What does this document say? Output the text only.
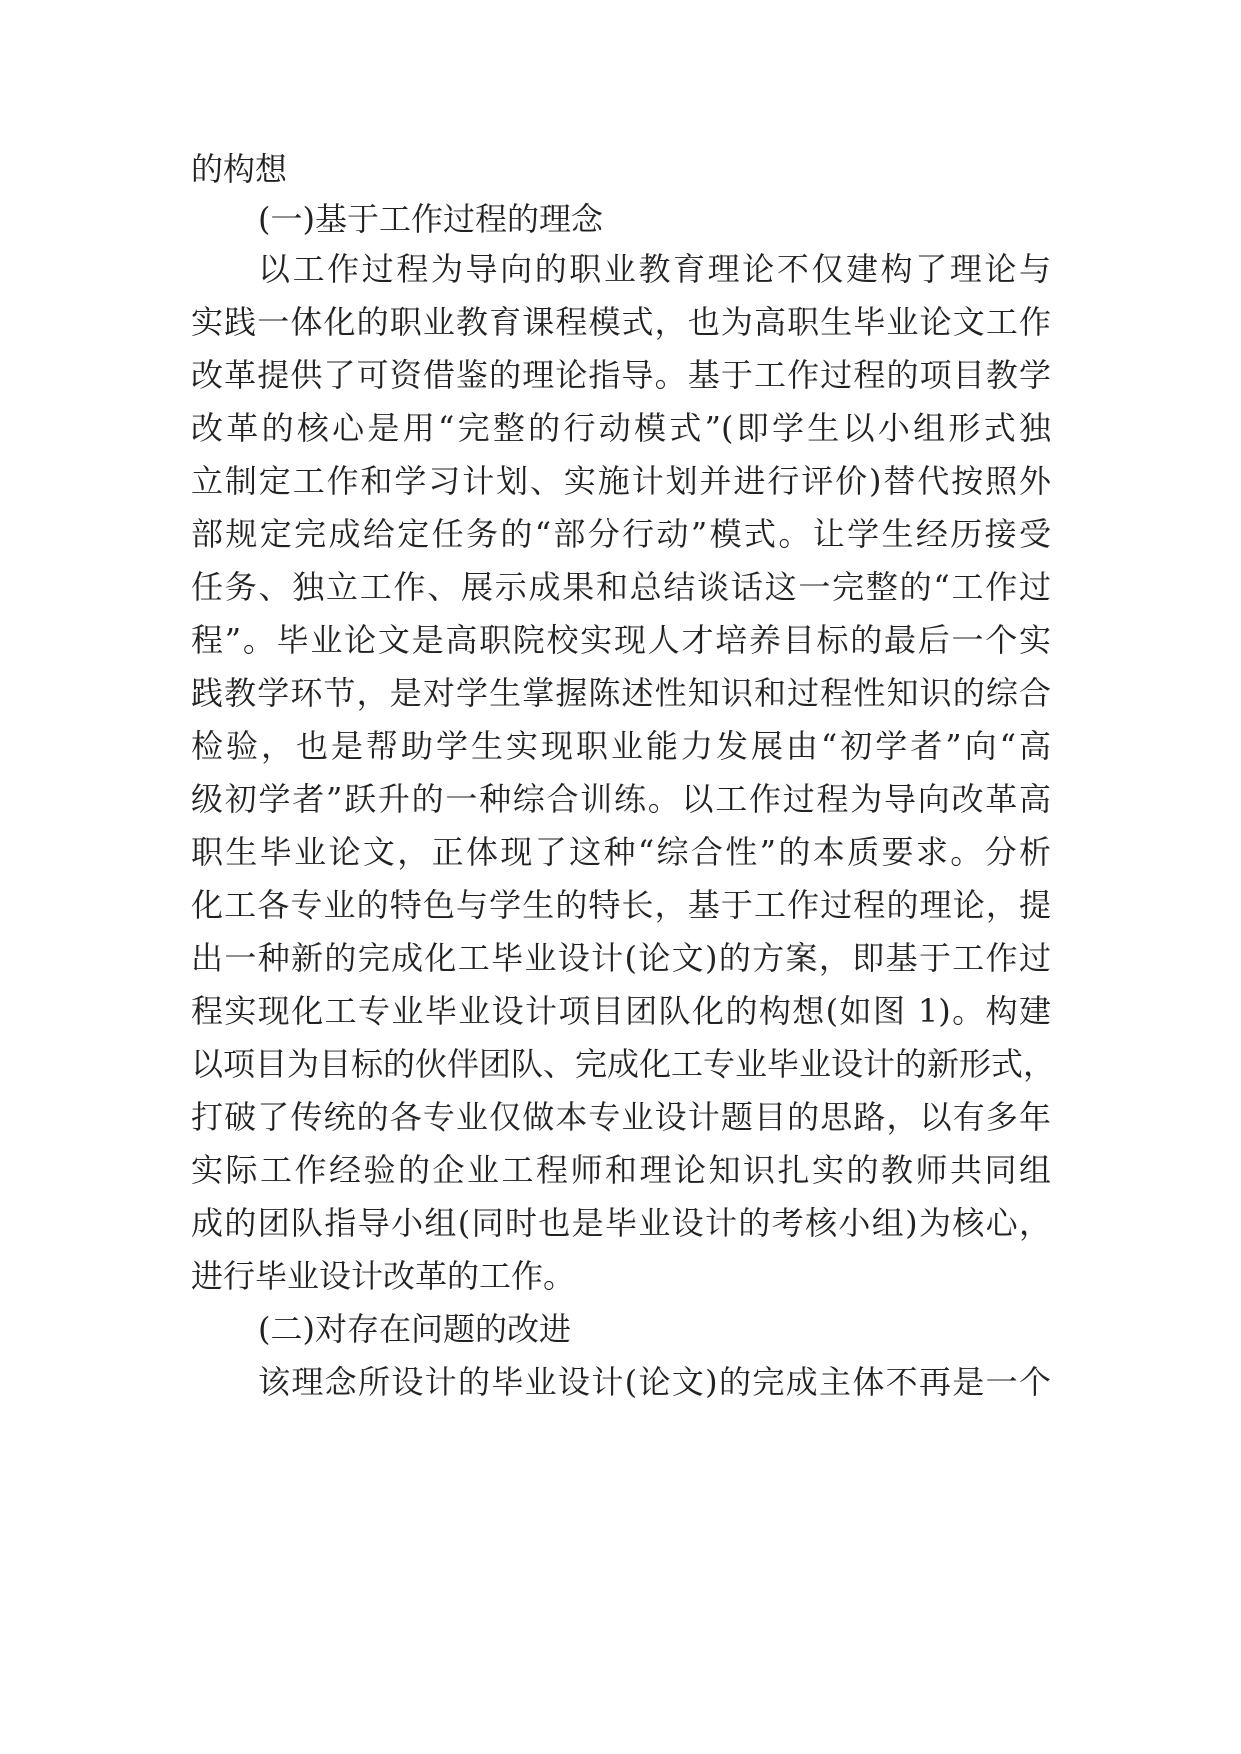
的构想

(一)基于工作过程的理念

以工作过程为导向的职业教育理论不仅建构了理论与

实践一体化的职业教育课程模式，也为高职生毕业论文工作

改革提供了可资借鉴的理论指导。基于工作过程的项目教学

改革的核心是用“完整的行动模式”(即学生以小组形式独

立制定工作和学习计划、实施计划并进行评价)替代按照外

部规定完成给定任务的“部分行动”模式。让学生经历接受

任务、独立工作、展示成果和总结谈话这一完整的“工作过

程”。毕业论文是高职院校实现人才培养目标的最后一个实

践教学环节，是对学生掌握陈述性知识和过程性知识的综合

检验，也是帮助学生实现职业能力发展由“初学者”向“高

级初学者”跃升的一种综合训练。以工作过程为导向改革高

职生毕业论文，正体现了这种“综合性”的本质要求。分析

化工各专业的特色与学生的特长，基于工作过程的理论，提

出一种新的完成化工毕业设计(论文)的方案，即基于工作过

程实现化工专业毕业设计项目团队化的构想(如图 1)。构建

以项目为目标的伙伴团队、完成化工专业毕业设计的新形式，

打破了传统的各专业仅做本专业设计题目的思路，以有多年

实际工作经验的企业工程师和理论知识扎实的教师共同组

成的团队指导小组(同时也是毕业设计的考核小组)为核心，

进行毕业设计改革的工作。

(二)对存在问题的改进

该理念所设计的毕业设计(论文)的完成主体不再是一个
